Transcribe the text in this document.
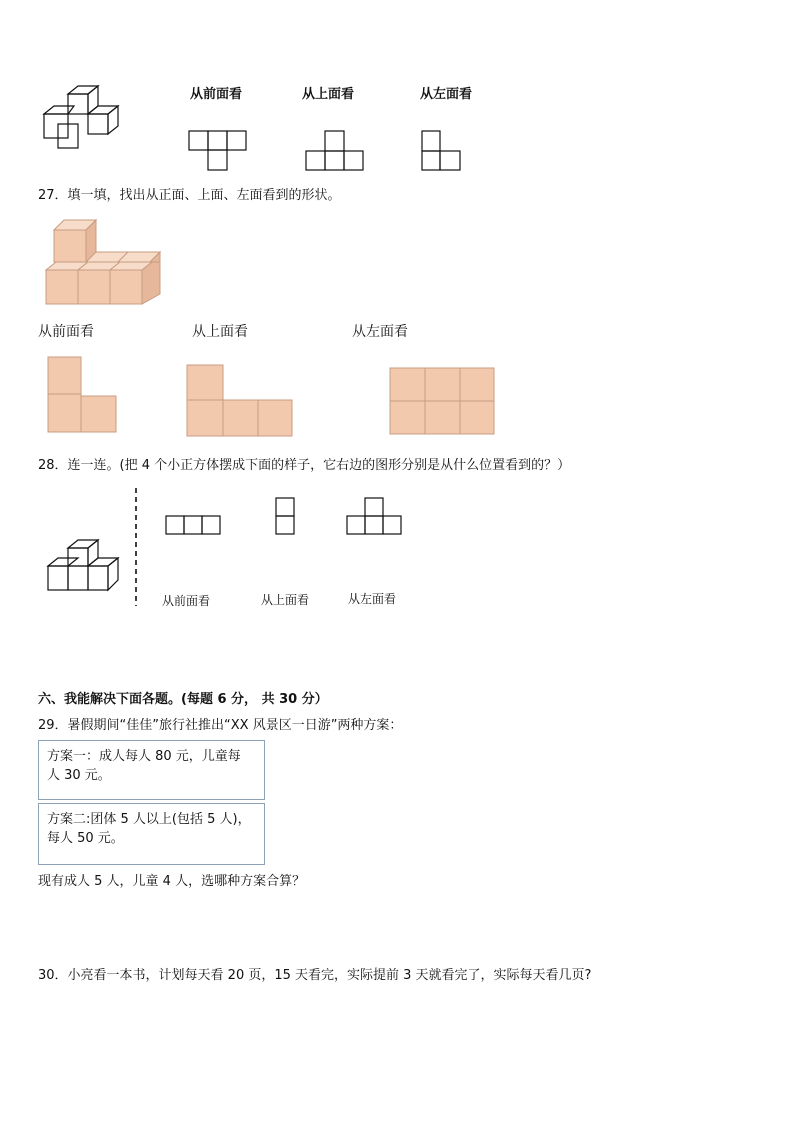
从前面看	从上面看	从左面看
27．填一填，找出从正面、上面、左面看到的形状。
从前面看	从上面看	从左面看
28．连一连。(把 4 个小正方体摆成下面的样子，它右边的图形分别是从什么位置看到的？）
从前面看	从上面看	从左面看
六、我能解决下面各题。(每题 6 分， 共 30 分）
29．暑假期间“佳佳”旅行社推出“XX 风景区一日游”两种方案：
方案一：成人每人 80 元，儿童每
人 30 元。
方案二:团体 5 人以上(包括 5 人)，
每人 50 元。
现有成人 5 人，儿童 4 人，选哪种方案合算？
30．小亮看一本书，计划每天看 20 页，15 天看完，实际提前 3 天就看完了，实际每天看几页?
